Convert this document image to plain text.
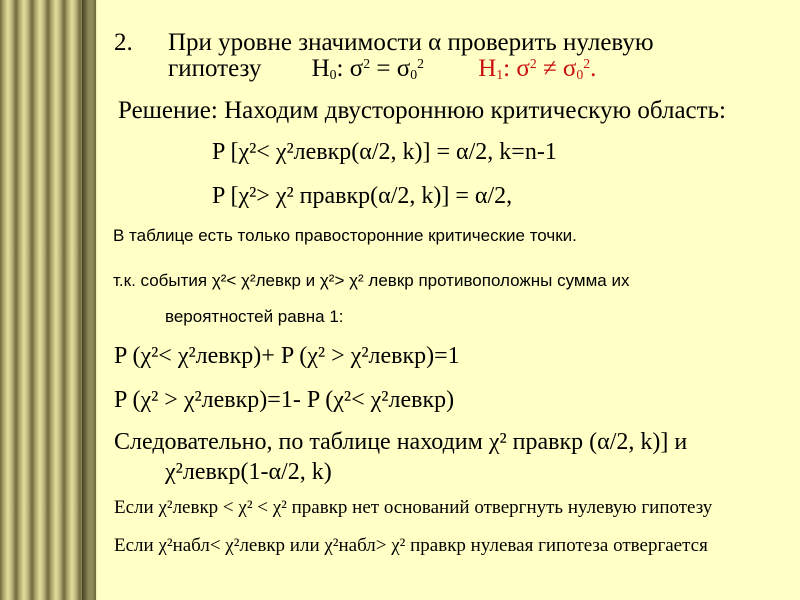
2. При уровне значимости α проверить нулевую
гипотезу $H_0$: $\sigma^2 = \sigma_0^2$ $H_1$: $\sigma^2 \ne \sigma_0^2$.
Решение: Находим двустороннюю критическую область:
P [χ²< χ²левкр(α/2, k)] = α/2, k=n-1
P [χ²> χ² правкр(α/2, k)] = α/2,
В таблице есть только правосторонние критические точки.
т.к. события χ²< χ²левкр и χ²> χ² левкр противоположны сумма их
вероятностей равна 1:
P (χ²< χ²левкр)+ P (χ² > χ²левкр)=1
P (χ² > χ²левкр)=1- P (χ²< χ²левкр)
Следовательно, по таблице находим χ² правкр (α/2, k)] и
χ²левкр(1-α/2, k)
Если χ²левкр < χ² < χ² правкр нет оснований отвергнуть нулевую гипотезу
Если χ²набл< χ²левкр или χ²набл> χ² правкр нулевая гипотеза отвергается
